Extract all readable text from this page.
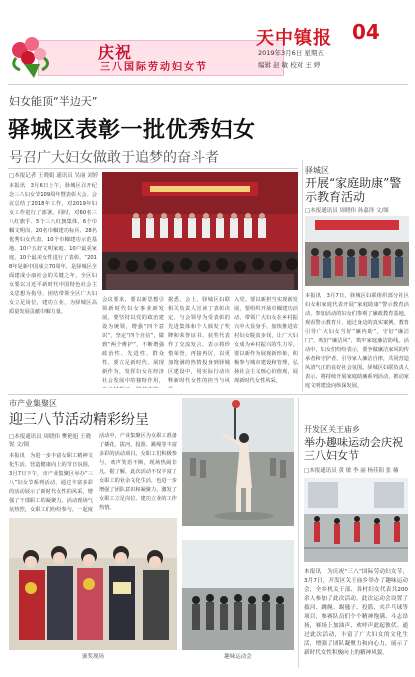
庆祝
三八国际劳动妇女节
天中镇报 04
2019年3月6日 星期五
编辑 赵 敏 校对 王 婷
妇女能顶“半边天”
驿城区表彰一批优秀妇女
号召广大妇女做敢于追梦的奋斗者
□本报记者 王晓娟 通讯员 吴丽 刘婷
本报讯　3月6日上午，驿城区召开纪念三八妇女节109周年暨表彰大会。会议总结了2018年工作，对2019年妇女工作进行了部署。同时，对60名三八红旗手、5个三八红旗集体、6个巾帼文明岗、20名巾帼建功标兵、28名优秀妇女代表、10个巾帼建功示范基地、10户五好文明家庭、10户最美家庭、10个最美女性进行了表彰。“2018年是新中国成立70周年，是驿城区全面建成小康社会的关键之年，全区妇女要以习近平新时代中国特色社会主义思想为指导，团结带领全区广大妇女立足岗位，建功立业，为驿城区高质量发展贡献巾帼力量。
会议要求，要以新思想引领新时代妇女事业新发展。要坚持以党的政治建设为统领，增强“四个意识”，坚定“四个自信”，做到“两个维护”，不断增强政治性、先进性、群众性。要立足新时代、展现新作为，发挥妇女在经济社会发展中的独特作用，
据悉，会上，驿城区妇联相关负责人宣读了表彰决定，与会领导为受表彰的先进集体和个人颁发了奖牌和荣誉证书。获奖代表作了交流发言，表示将珍惜荣誉，再接再厉，以更加饱满的热情投身到驿城区建设中，用实际行动诠释新时代女性的担当与风
入党。要以新担当实现新发展，要组织开展巾帼建功活动，带领广大妇女在乡村振兴中大显身手，加快推进农村妇女脱贫步伐，让广大妇女成为乡村振兴的生力军。要以新作为展现新形象，积极参与城市建设和管理，弘扬社会主义核心价值观，展现新时代女性风采。
驿城区
开展“家庭助康”警示教育活动
□本报通讯员 周晓伟 孙嘉泽 文/图
本报讯　3月7日，驿城区妇联组织部分社区妇女和家庭代表开展“家庭助康”警示教育活动，参加活动的妇女们参观了廉政教育基地，观看警示教育片，通过身边的真实案例，教育引导广大妇女当好“廉内助”，守好“廉洁门”，吹好“廉洁风”，筑牢家庭廉洁防线。活动中，妇女们纷纷表示，要争做廉洁家风的传承者和守护者，引导家人廉洁自律，共同营造风清气正的良好社会氛围。驿城区妇联负责人表示，将持续开展家庭助廉系列活动，推动家庭文明建设向纵深发展。
市产业集聚区
迎三八节活动精彩纷呈
□本报通讯员 周晓伟 樊艳旭 王晓锐 文/图
本报讯　为进一步丰富女职工精神文化生活，营造健康向上的节日氛围，3月7日下午，市产业集聚区举办“三八”妇女节系列活动，通过丰富多彩的活动展示了新时代女性的风采，增强了干部职工的凝聚力。活动现场气氛热烈，女职工们纷纷参与，一起度
活动中，产业集聚区为女职工准备了插花、拔河、投篮、跳绳等丰富多彩的活动项目。女职工们积极参与，欢声笑语不断，现场热闹非凡。据了解，此次活动不仅丰富了女职工的业余文化生活，也进一步增强了团队意识和凝聚力，激发了女职工立足岗位、建功立业的工作热情。
颁奖现场	趣味运动会
开发区关王庙乡
举办趣味运动会庆祝三八妇女节
□本报通讯员 黄 敏 李 丽 杨佳阳 张 楠
本报讯　为庆祝“三八”国际劳动妇女节，3月7日，开发区关王庙乡举办了趣味运动会，全乡机关干部、各村妇女代表共200余人参加了此次活动。此次运动会设置了拔河、跳绳、踢毽子、投篮、夹乒乓球等项目，参赛队员们个个精神饱满、斗志昂扬，赛场上加油声、欢呼声此起彼伏。通过此次活动，丰富了广大妇女的文化生活，增强了团队凝聚力和向心力，展示了新时代女性积极向上的精神风貌。
